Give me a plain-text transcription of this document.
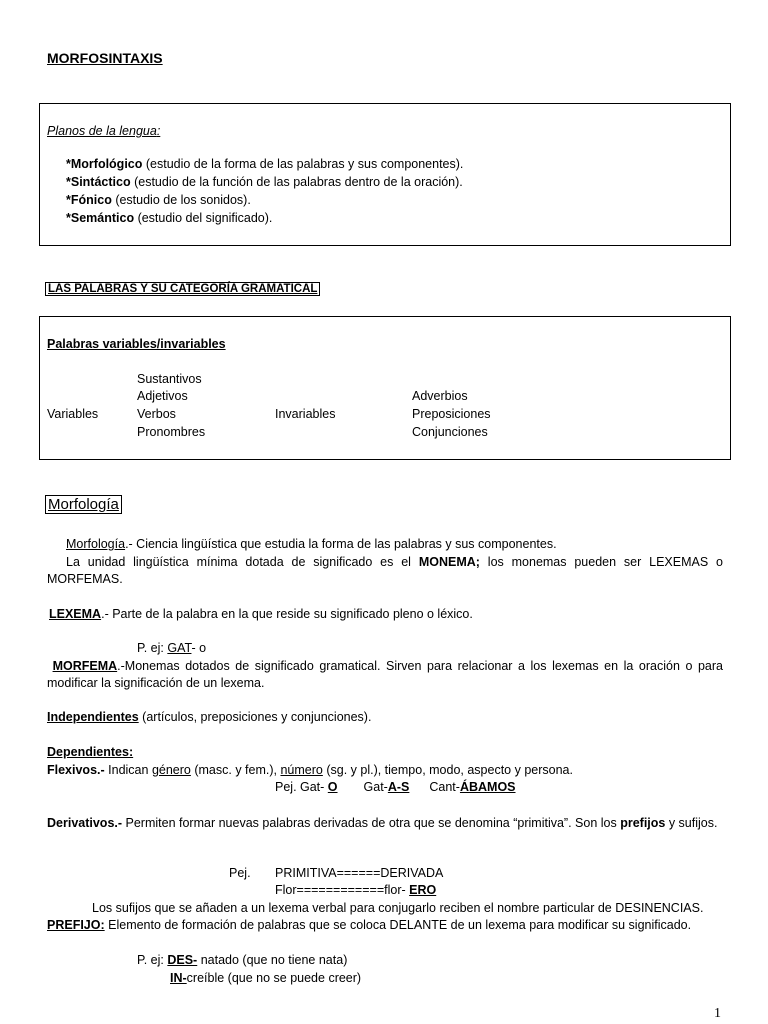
MORFOSINTAXIS
Planos de la lengua:
*Morfológico (estudio de la forma de las palabras y sus componentes).
*Sintáctico (estudio de la función de las palabras dentro de la oración).
*Fónico (estudio de los sonidos).
*Semántico (estudio del significado).
LAS PALABRAS Y SU CATEGORÍA GRAMATICAL
Palabras variables/invariables
Sustantivos
Adjetivos
Variables	Verbos
Pronombres
Invariables
Adverbios
Preposiciones
Conjunciones
Morfología
Morfología.- Ciencia lingüística que estudia la forma de las palabras y sus componentes.
La unidad lingüística mínima dotada de significado es el MONEMA; los monemas pueden ser LEXEMAS o MORFEMAS.
LEXEMA.- Parte de la palabra en la que reside su significado pleno o léxico.
P. ej: GAT- o
MORFEMA.-Monemas dotados de significado gramatical. Sirven para relacionar a los lexemas en la oración o para modificar la significación de un lexema.
Independientes (artículos, preposiciones y conjunciones).
Dependientes:
Flexivos.- Indican género (masc. y fem.), número (sg. y pl.), tiempo, modo, aspecto y persona.
Pej. Gat- O Gat-A-S Cant-ÁBAMOS
Derivativos.- Permiten formar nuevas palabras derivadas de otra que se denomina “primitiva”. Son los prefijos y sufijos.
Pej. PRIMITIVA======DERIVADA
Flor============flor- ERO
Los sufijos que se añaden a un lexema verbal para conjugarlo reciben el nombre particular de DESINENCIAS.
PREFIJO: Elemento de formación de palabras que se coloca DELANTE de un lexema para modificar su significado.
P. ej: DES- natado (que no tiene nata)
IN-creíble (que no se puede creer)
1
